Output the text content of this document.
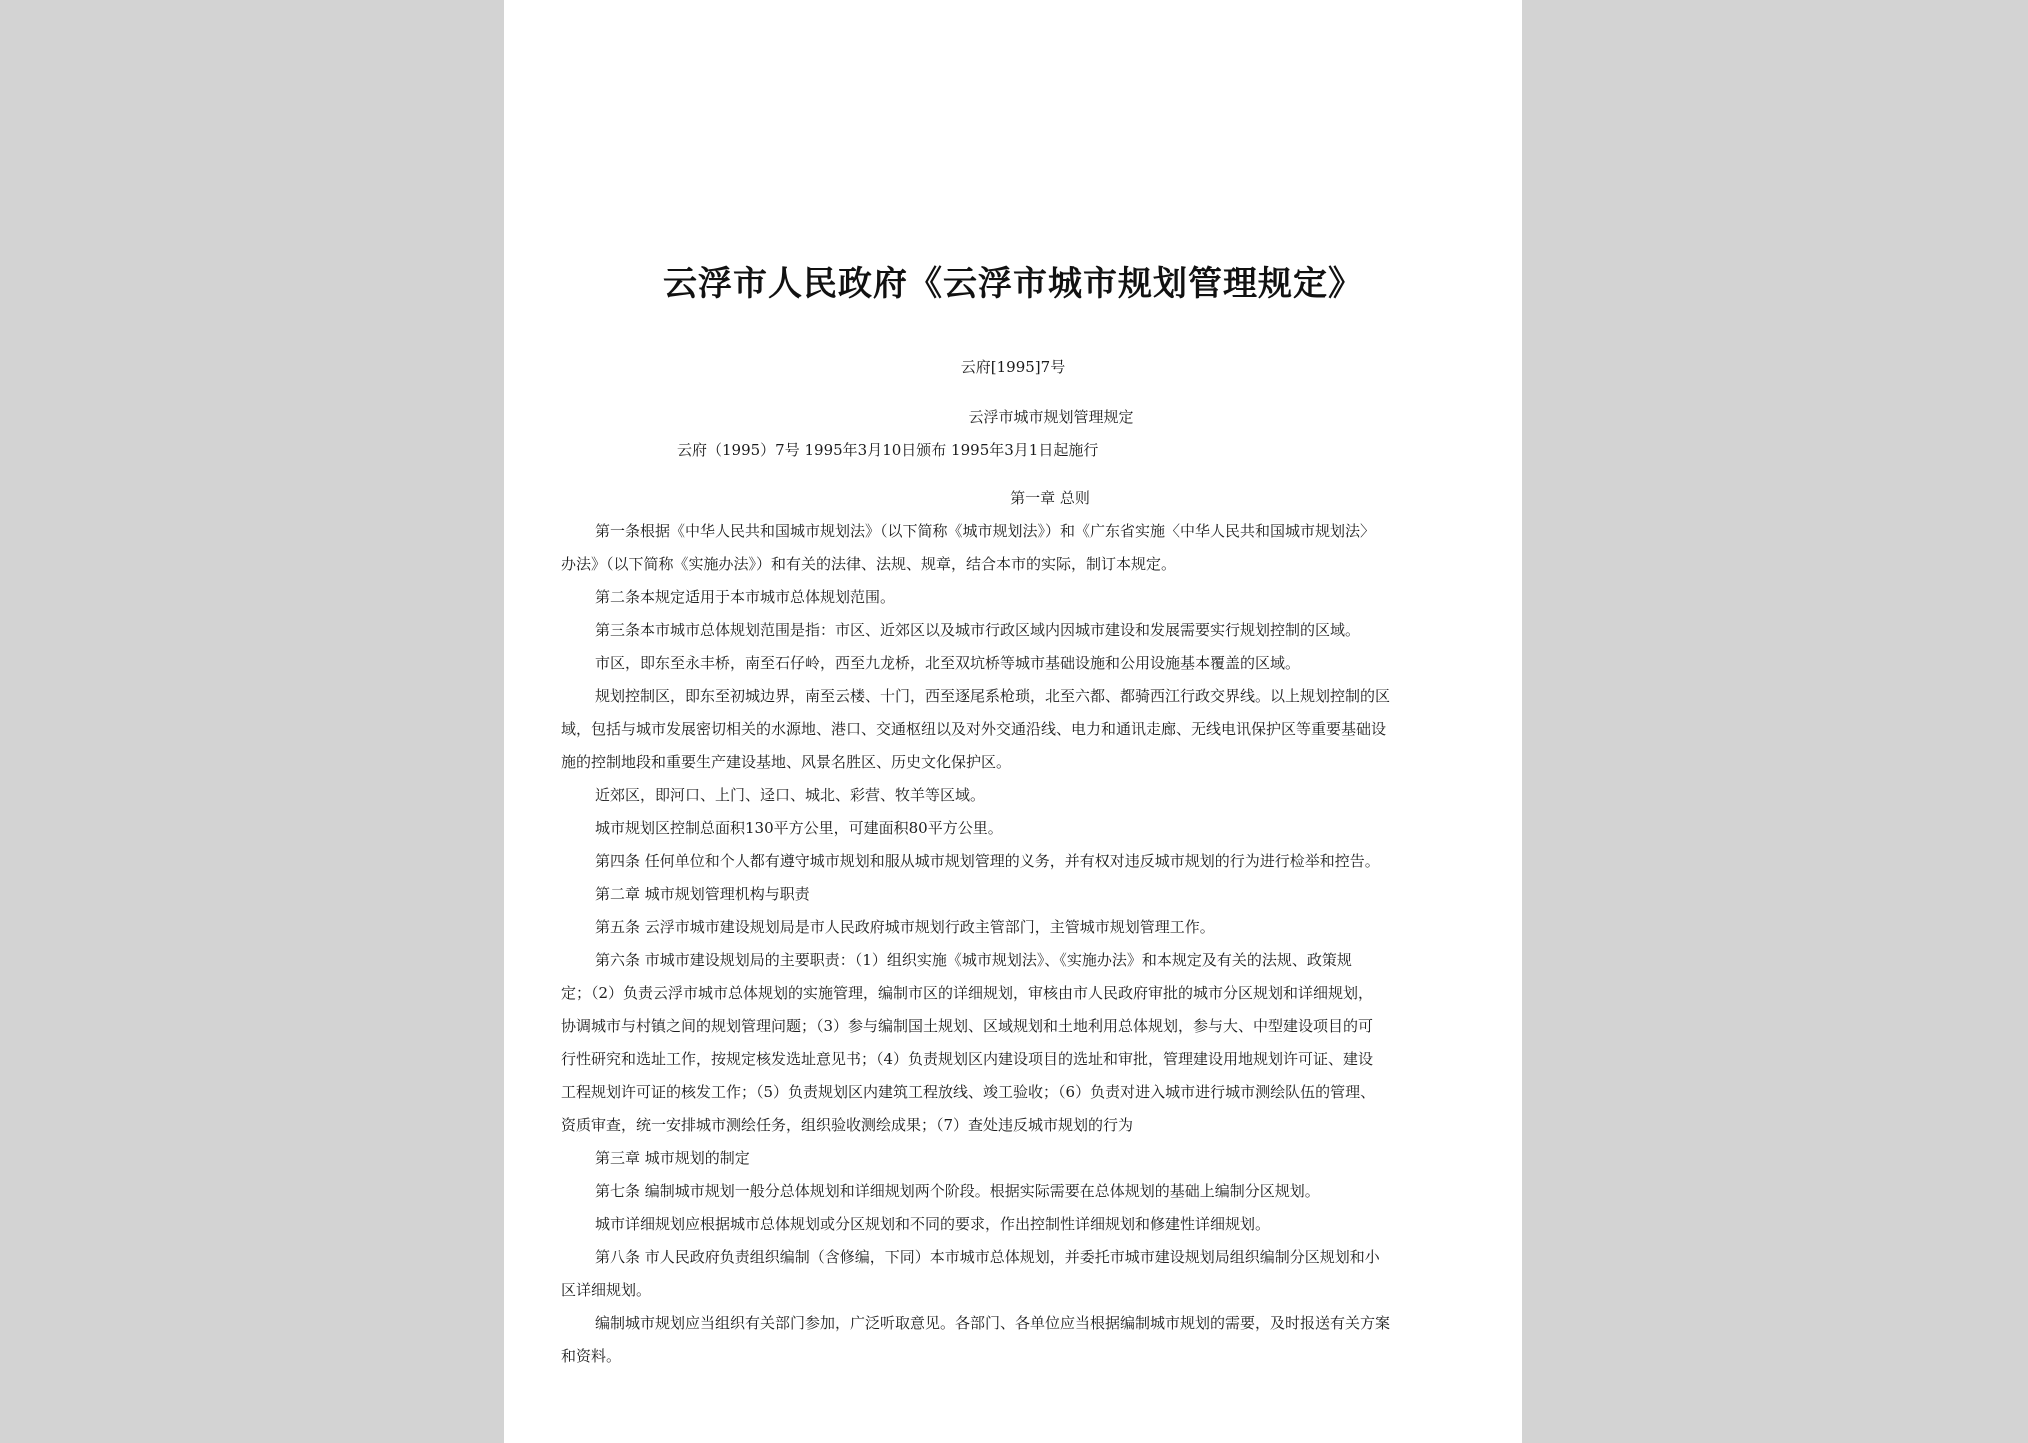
云浮市人民政府《云浮市城市规划管理规定》
云府[1995]7号
云浮市城市规划管理规定
云府（1995）7号 1995年3月10日颁布 1995年3月1日起施行
第一章 总则
第一条根据《中华人民共和国城市规划法》（以下简称《城市规划法》）和《广东省实施〈中华人民共和国城市规划法〉
办法》（以下简称《实施办法》）和有关的法律、法规、规章，结合本市的实际，制订本规定。
第二条本规定适用于本市城市总体规划范围。
第三条本市城市总体规划范围是指：市区、近郊区以及城市行政区域内因城市建设和发展需要实行规划控制的区域。
市区，即东至永丰桥，南至石仔岭，西至九龙桥，北至双坑桥等城市基础设施和公用设施基本覆盖的区域。
规划控制区，即东至初城边界，南至云楼、十门，西至逐尾系枪琐，北至六都、都骑西江行政交界线。以上规划控制的区
域，包括与城市发展密切相关的水源地、港口、交通枢纽以及对外交通沿线、电力和通讯走廊、无线电讯保护区等重要基础设
施的控制地段和重要生产建设基地、风景名胜区、历史文化保护区。
近郊区，即河口、上门、迳口、城北、彩营、牧羊等区域。
城市规划区控制总面积130平方公里，可建面积80平方公里。
第四条 任何单位和个人都有遵守城市规划和服从城市规划管理的义务，并有权对违反城市规划的行为进行检举和控告。
第二章 城市规划管理机构与职责
第五条 云浮市城市建设规划局是市人民政府城市规划行政主管部门，主管城市规划管理工作。
第六条 市城市建设规划局的主要职责：（1）组织实施《城市规划法》、《实施办法》和本规定及有关的法规、政策规
定；（2）负责云浮市城市总体规划的实施管理，编制市区的详细规划，审核由市人民政府审批的城市分区规划和详细规划，
协调城市与村镇之间的规划管理问题；（3）参与编制国土规划、区域规划和土地利用总体规划，参与大、中型建设项目的可
行性研究和选址工作，按规定核发选址意见书；（4）负责规划区内建设项目的选址和审批，管理建设用地规划许可证、建设
工程规划许可证的核发工作；（5）负责规划区内建筑工程放线、竣工验收；（6）负责对进入城市进行城市测绘队伍的管理、
资质审查，统一安排城市测绘任务，组织验收测绘成果；（7）查处违反城市规划的行为
第三章 城市规划的制定
第七条 编制城市规划一般分总体规划和详细规划两个阶段。根据实际需要在总体规划的基础上编制分区规划。
城市详细规划应根据城市总体规划或分区规划和不同的要求，作出控制性详细规划和修建性详细规划。
第八条 市人民政府负责组织编制（含修编，下同）本市城市总体规划，并委托市城市建设规划局组织编制分区规划和小
区详细规划。
编制城市规划应当组织有关部门参加，广泛听取意见。各部门、各单位应当根据编制城市规划的需要，及时报送有关方案
和资料。
